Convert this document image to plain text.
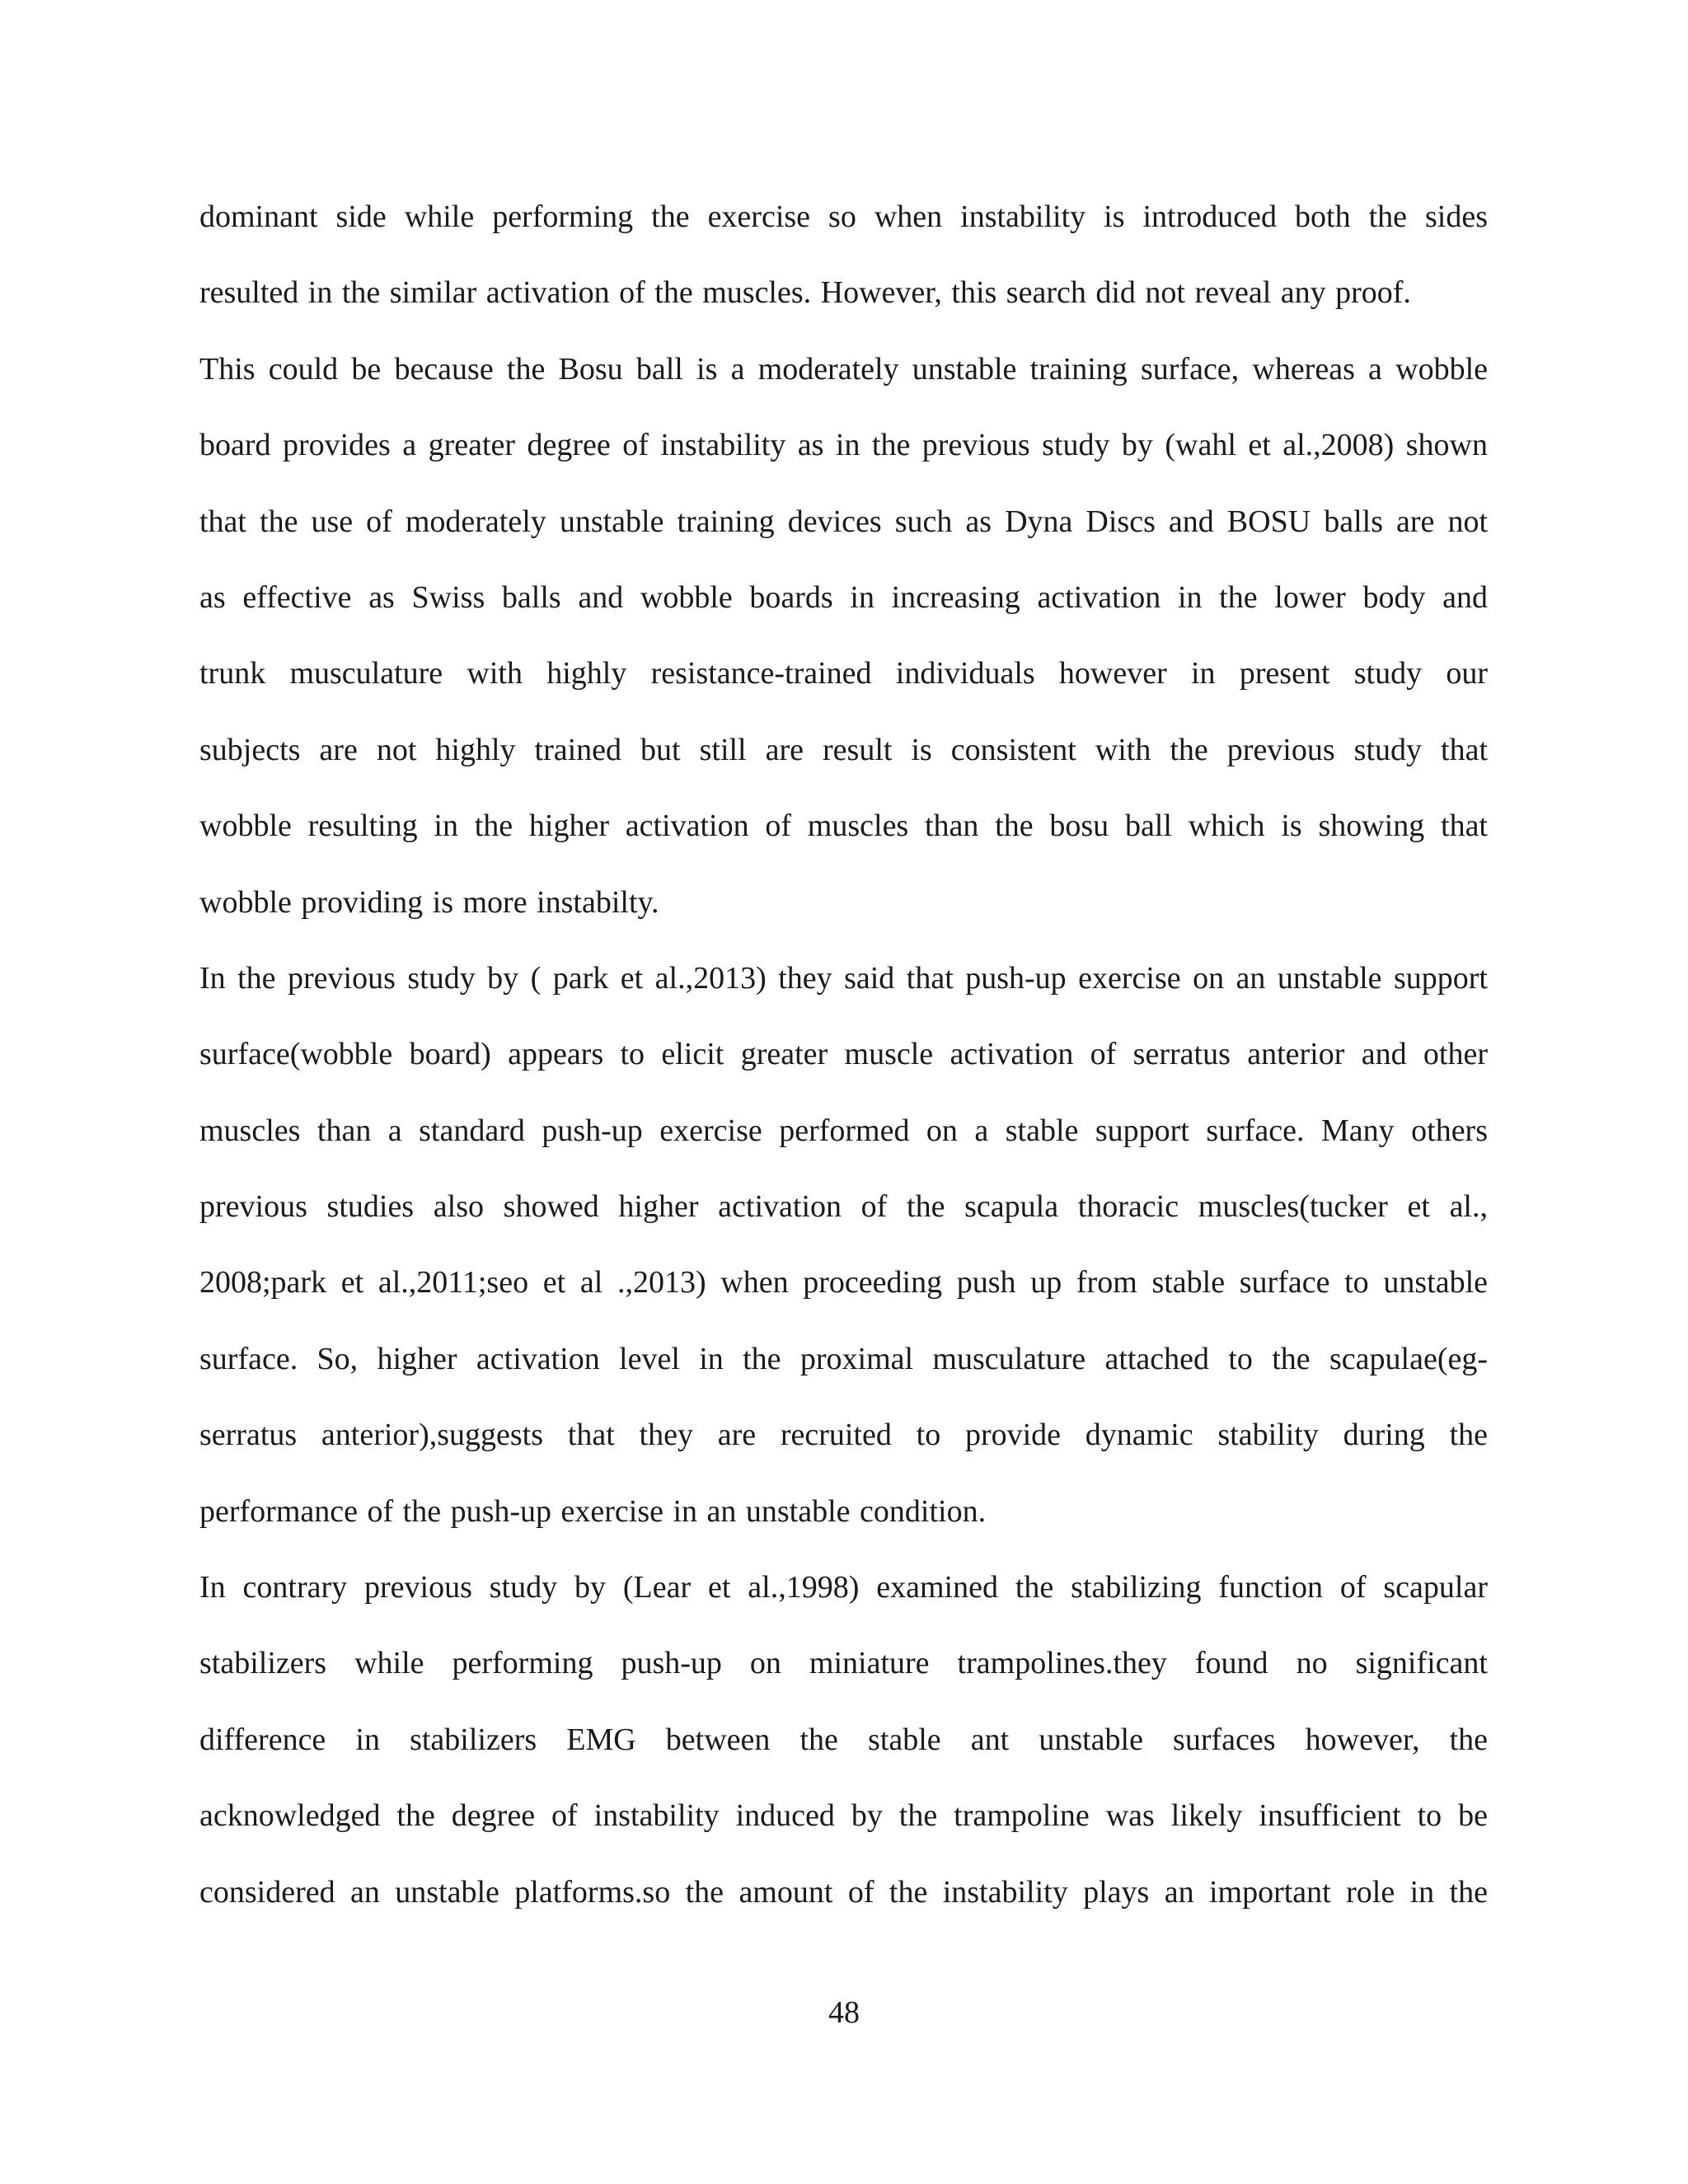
dominant side while performing the exercise so when instability is introduced both the sides
resulted in the similar activation of the muscles. However, this search did not reveal any proof.
This could be because the Bosu ball is a moderately unstable training surface, whereas a wobble
board provides a greater degree of instability as in the previous study by (wahl et al.,2008) shown
that the use of moderately unstable training devices such as Dyna Discs and BOSU balls are not
as effective as Swiss balls and wobble boards in increasing activation in the lower body and
trunk musculature with highly resistance-trained individuals however in present study our
subjects are not highly trained but still are result is consistent with the previous study that
wobble resulting in the higher activation of muscles than the bosu ball which is showing that
wobble providing is more instabilty.
In the previous study by ( park et al.,2013) they said that push-up exercise on an unstable support
surface(wobble board) appears to elicit greater muscle activation of serratus anterior and other
muscles than a standard push-up exercise performed on a stable support surface. Many others
previous studies also showed higher activation of the scapula thoracic muscles(tucker et al.,
2008;park et al.,2011;seo et al .,2013) when proceeding push up from stable surface to unstable
surface. So, higher activation level in the proximal musculature attached to the scapulae(eg-
serratus anterior),suggests that they are recruited to provide dynamic stability during the
performance of the push-up exercise in an unstable condition.
In contrary previous study by (Lear et al.,1998) examined the stabilizing function of scapular
stabilizers while performing push-up on miniature trampolines.they found no significant
difference in stabilizers EMG between the stable ant unstable surfaces however, the
acknowledged the degree of instability induced by the trampoline was likely insufficient to be
considered an unstable platforms.so the amount of the instability plays an important role in the
48
